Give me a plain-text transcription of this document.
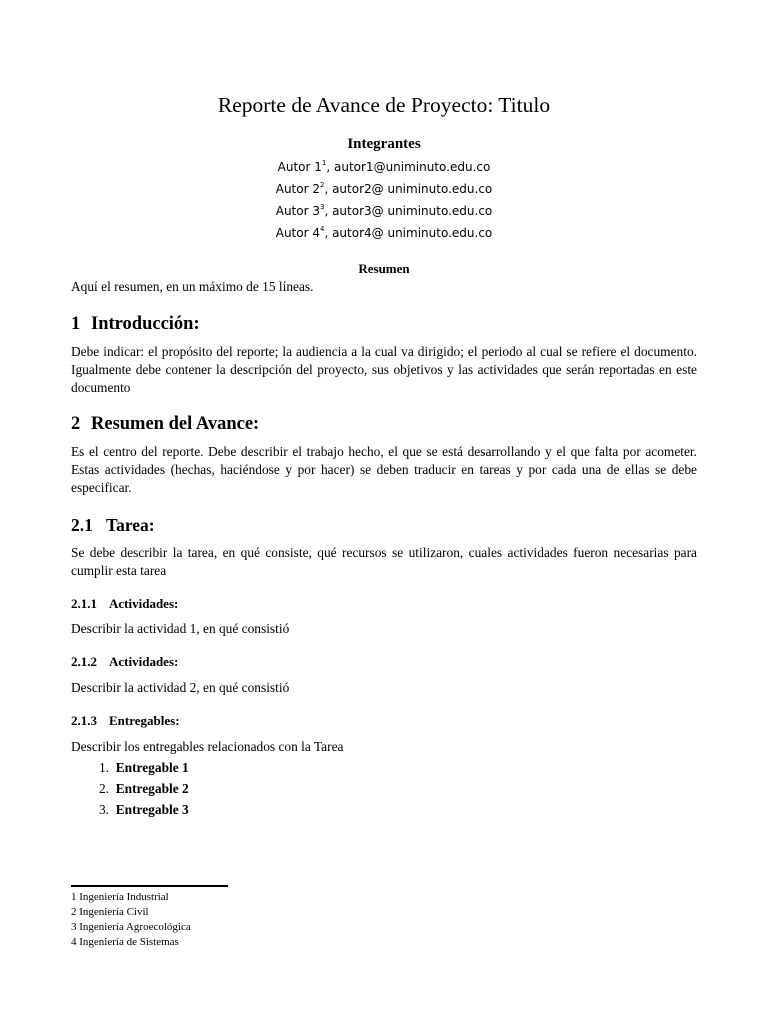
Reporte de Avance de Proyecto: Titulo
Integrantes
Autor $1^1$, autor1@uniminuto.edu.co
Autor $2^2$, autor2@ uniminuto.edu.co
Autor $3^3$, autor3@ uniminuto.edu.co
Autor $4^4$, autor4@ uniminuto.edu.co
Resumen
Aquí el resumen, en un máximo de 15 líneas.
1 Introducción:
Debe indicar: el propósito del reporte; la audiencia a la cual va dirigido; el periodo al cual se refiere el documento. Igualmente debe contener la descripción del proyecto, sus objetivos y las actividades que serán reportadas en este documento
2 Resumen del Avance:
Es el centro del reporte. Debe describir el trabajo hecho, el que se está desarrollando y el que falta por acometer. Estas actividades (hechas, haciéndose y por hacer) se deben traducir en tareas y por cada una de ellas se debe especificar.
2.1 Tarea:
Se debe describir la tarea, en qué consiste, qué recursos se utilizaron, cuales actividades fueron necesarias para cumplir esta tarea
2.1.1 Actividades:
Describir la actividad 1, en qué consistió
2.1.2 Actividades:
Describir la actividad 2, en qué consistió
2.1.3 Entregables:
Describir los entregables relacionados con la Tarea
1. Entregable 1
2. Entregable 2
3. Entregable 3
1 Ingeniería Industrial
2 Ingeniería Civil
3 Ingeniería Agroecológica
4 Ingeniería de Sistemas
